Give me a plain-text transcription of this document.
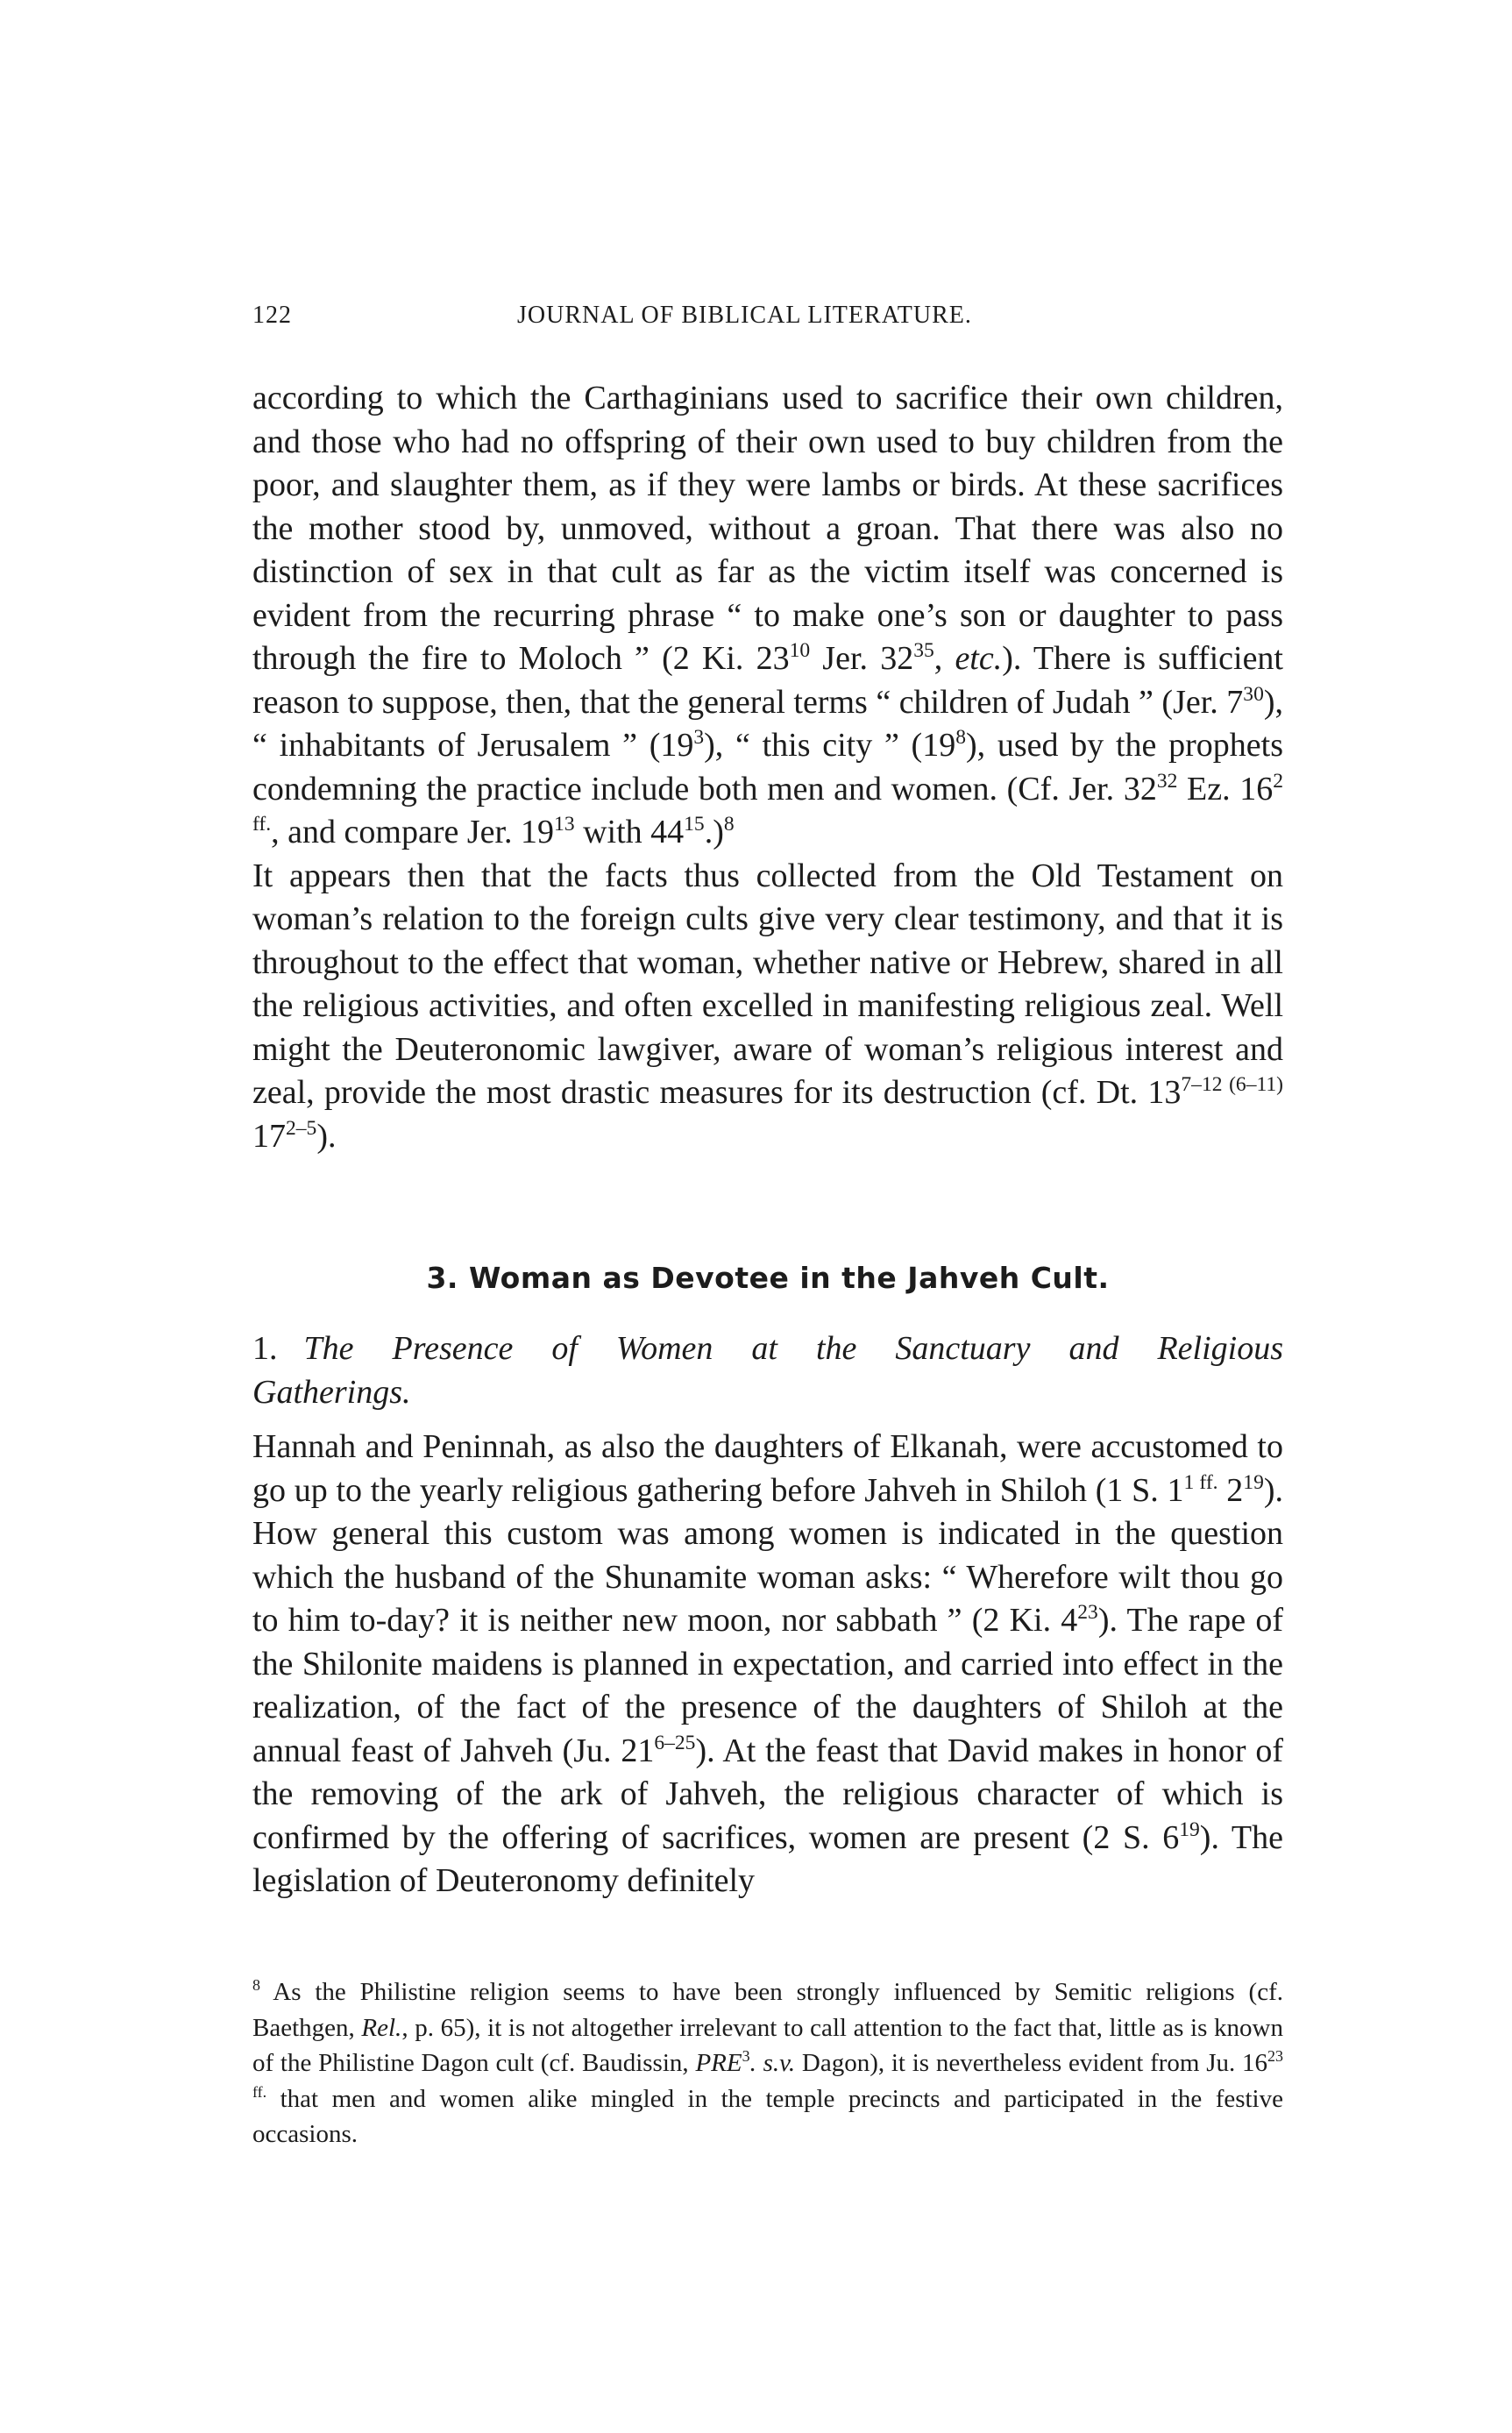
122	JOURNAL OF BIBLICAL LITERATURE.

according to which the Carthaginians used to sacrifice their own children, and those who had no offspring of their own used to buy children from the poor, and slaughter them, as if they were lambs or birds. At these sacrifices the mother stood by, unmoved, without a groan. That there was also no distinction of sex in that cult as far as the victim itself was concerned is evident from the recurring phrase “ to make one’s son or daughter to pass through the fire to Moloch ” (2 Ki. $23^{10}$ Jer. $32^{35}$, etc.). There is sufficient reason to suppose, then, that the general terms “ children of Judah ” (Jer. $7^{30}$), “ inhabitants of Jerusalem ” $(19^3)$, “ this city ” $(19^8)$, used by the prophets condemning the practice include both men and women. (Cf. Jer. $32^{32}$ Ez. $16^{2 ff.}$, and compare Jer. $19^{13}$ with $44^{15}.)^8$

It appears then that the facts thus collected from the Old Testament on woman’s relation to the foreign cults give very clear testimony, and that it is throughout to the effect that woman, whether native or Hebrew, shared in all the religious activities, and often excelled in manifesting religious zeal. Well might the Deuteronomic lawgiver, aware of woman’s religious interest and zeal, provide the most drastic measures for its destruction (cf. Dt. $13^{7-12 (6-11)}$ 17$^{2-5}$).

3. Woman as Devotee in the Jahveh Cult.
1. The Presence of Women at the Sanctuary and Religious Gatherings.

Hannah and Peninnah, as also the daughters of Elkanah, were accustomed to go up to the yearly religious gathering before Jahveh in Shiloh (1 S. $1^{1 ff.}$ $2^{19}$). How general this custom was among women is indicated in the question which the husband of the Shunamite woman asks: “ Wherefore wilt thou go to him to-day? it is neither new moon, nor sabbath ” (2 Ki. $4^{23}$). The rape of the Shilonite maidens is planned in expectation, and carried into effect in the realization, of the fact of the presence of the daughters of Shiloh at the annual feast of Jahveh (Ju. 21$^{6-25}$). At the feast that David makes in honor of the removing of the ark of Jahveh, the religious character of which is confirmed by the offering of sacrifices, women are present (2 S. $6^{19}$). The legislation of Deuteronomy definitely

$^8$ As the Philistine religion seems to have been strongly influenced by Semitic religions (cf. Baethgen, Rel., p. 65), it is not altogether irrelevant to call attention to the fact that, little as is known of the Philistine Dagon cult (cf. Baudissin, PRE$^3$. s.v. Dagon), it is nevertheless evident from Ju. $16^{23 ff.}$ that men and women alike mingled in the temple precincts and participated in the festive occasions.
